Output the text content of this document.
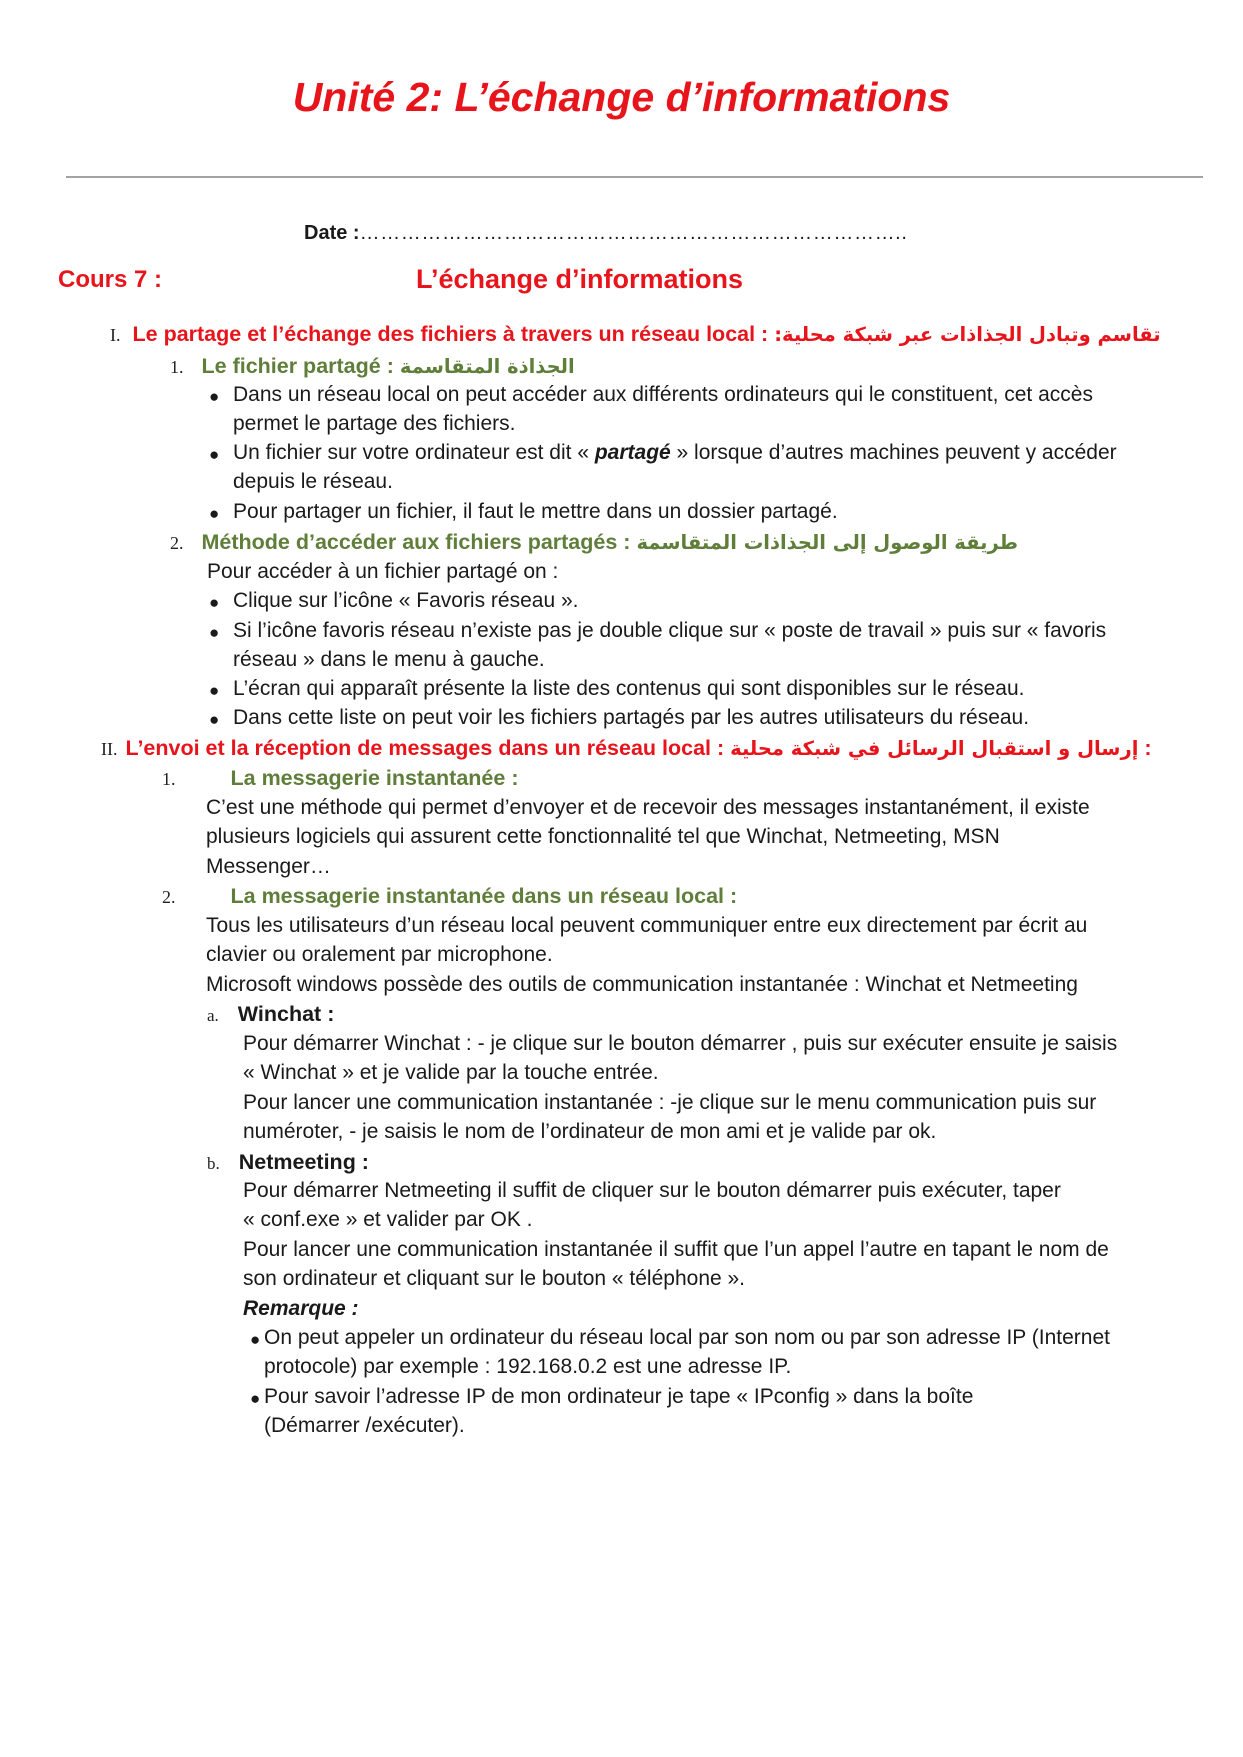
Unité 2: L’échange d’informations
Date :……………………………………………………………………..
Cours 7 :	L’échange d’informations
I. Le partage et l’échange des fichiers à travers un réseau local : تقاسم وتبادل الجذاذات عبر شبكة محلية:
1. Le fichier partagé : الجذاذة المتقاسمة
● Dans un réseau local on peut accéder aux différents ordinateurs qui le constituent, cet accès
permet le partage des fichiers.
● Un fichier sur votre ordinateur est dit « partagé » lorsque d’autres machines peuvent y accéder
depuis le réseau.
● Pour partager un fichier, il faut le mettre dans un dossier partagé.
2. Méthode d’accéder aux fichiers partagés : طريقة الوصول إلى الجذاذات المتقاسمة
Pour accéder à un fichier partagé on :
● Clique sur l’icône « Favoris réseau ».
● Si l’icône favoris réseau n’existe pas je double clique sur « poste de travail » puis sur « favoris
réseau » dans le menu à gauche.
● L’écran qui apparaît présente la liste des contenus qui sont disponibles sur le réseau.
● Dans cette liste on peut voir les fichiers partagés par les autres utilisateurs du réseau.
II. L’envoi et la réception de messages dans un réseau local : إرسال و استقبال الرسائل في شبكة محلية :
1.	La messagerie instantanée :
C’est une méthode qui permet d’envoyer et de recevoir des messages instantanément, il existe
plusieurs logiciels qui assurent cette fonctionnalité tel que Winchat, Netmeeting, MSN
Messenger…
2.	La messagerie instantanée dans un réseau local :
Tous les utilisateurs d’un réseau local peuvent communiquer entre eux directement par écrit au
clavier ou oralement par microphone.
Microsoft windows possède des outils de communication instantanée : Winchat et Netmeeting
a. Winchat :
Pour démarrer Winchat : - je clique sur le bouton démarrer , puis sur exécuter ensuite je saisis
« Winchat » et je valide par la touche entrée.
Pour lancer une communication instantanée : -je clique sur le menu communication puis sur
numéroter, - je saisis le nom de l’ordinateur de mon ami et je valide par ok.
b. Netmeeting :
Pour démarrer Netmeeting il suffit de cliquer sur le bouton démarrer puis exécuter, taper
« conf.exe » et valider par OK .
Pour lancer une communication instantanée il suffit que l’un appel l’autre en tapant le nom de
son ordinateur et cliquant sur le bouton « téléphone ».
Remarque :
● On peut appeler un ordinateur du réseau local par son nom ou par son adresse IP (Internet
protocole) par exemple : 192.168.0.2 est une adresse IP.
● Pour savoir l’adresse IP de mon ordinateur je tape « IPconfig » dans la boîte
(Démarrer /exécuter).
